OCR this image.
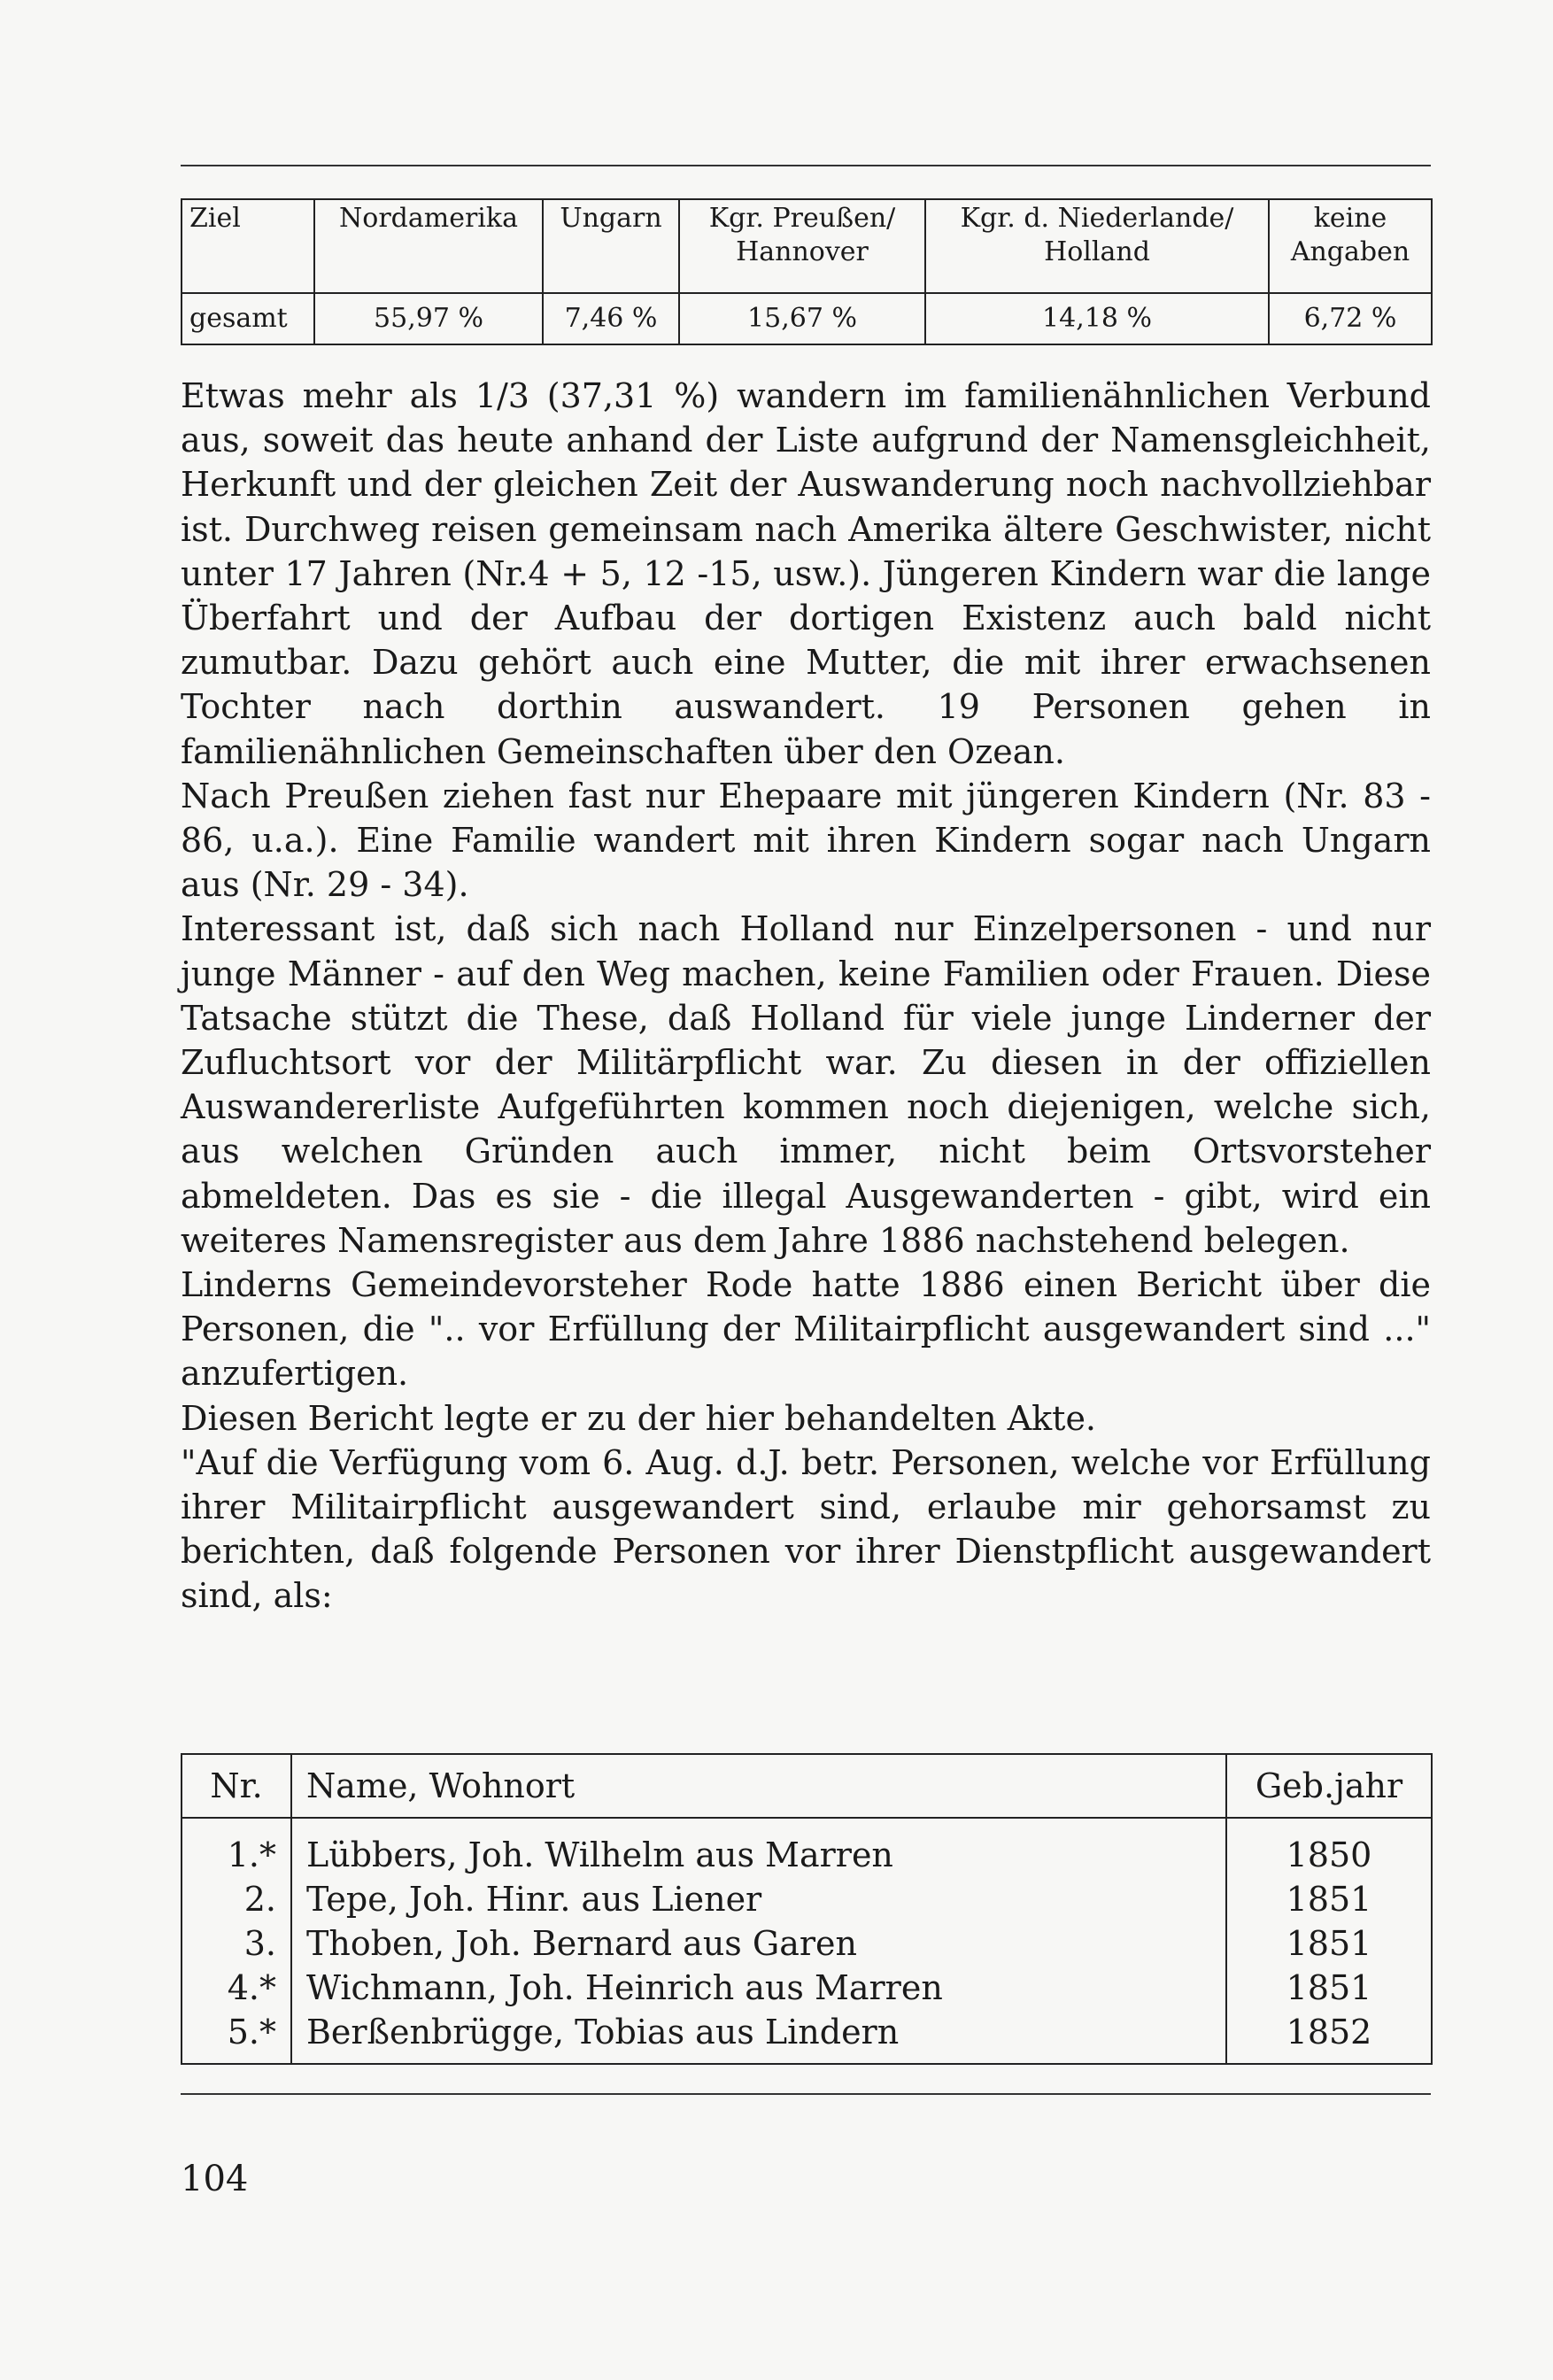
Ziel	Nordamerika	Ungarn	Kgr. Preußen/ Hannover	Kgr. d. Niederlande/ Holland	keine Angaben
gesamt	55,97 %	7,46 %	15,67 %	14,18 %	6,72 %

Etwas mehr als 1/3 (37,31 %) wandern im familienähnlichen Verbund aus, soweit das heute anhand der Liste aufgrund der Namensgleichheit, Herkunft und der gleichen Zeit der Auswanderung noch nachvollziehbar ist. Durchweg reisen gemeinsam nach Amerika ältere Geschwister, nicht unter 17 Jahren (Nr.4 + 5, 12 -15, usw.). Jüngeren Kindern war die lange Überfahrt und der Aufbau der dortigen Existenz auch bald nicht zumutbar. Dazu gehört auch eine Mutter, die mit ihrer erwachsenen Tochter nach dorthin auswandert. 19 Personen gehen in familienähnlichen Gemeinschaften über den Ozean.

Nach Preußen ziehen fast nur Ehepaare mit jüngeren Kindern (Nr. 83 - 86, u.a.). Eine Familie wandert mit ihren Kindern sogar nach Ungarn aus (Nr. 29 - 34).

Interessant ist, daß sich nach Holland nur Einzelpersonen - und nur junge Männer - auf den Weg machen, keine Familien oder Frauen. Diese Tatsache stützt die These, daß Holland für viele junge Linderner der Zufluchtsort vor der Militärpflicht war. Zu diesen in der offiziellen Auswandererliste Aufgeführten kommen noch diejenigen, welche sich, aus welchen Gründen auch immer, nicht beim Ortsvorsteher abmeldeten. Das es sie - die illegal Ausgewanderten - gibt, wird ein weiteres Namensregister aus dem Jahre 1886 nachstehend belegen.

Linderns Gemeindevorsteher Rode hatte 1886 einen Bericht über die Personen, die ".. vor Erfüllung der Militairpflicht ausgewandert sind ..." anzufertigen.

Diesen Bericht legte er zu der hier behandelten Akte.

"Auf die Verfügung vom 6. Aug. d.J. betr. Personen, welche vor Erfüllung ihrer Militairpflicht ausgewandert sind, erlaube mir gehorsamst zu berichten, daß folgende Personen vor ihrer Dienstpflicht ausgewandert sind, als:

Nr.	Name, Wohnort	Geb.jahr
1.*	Lübbers, Joh. Wilhelm aus Marren	1850
2.	Tepe, Joh. Hinr. aus Liener	1851
3.	Thoben, Joh. Bernard aus Garen	1851
4.*	Wichmann, Joh. Heinrich aus Marren	1851
5.*	Berßenbrügge, Tobias aus Lindern	1852
104
